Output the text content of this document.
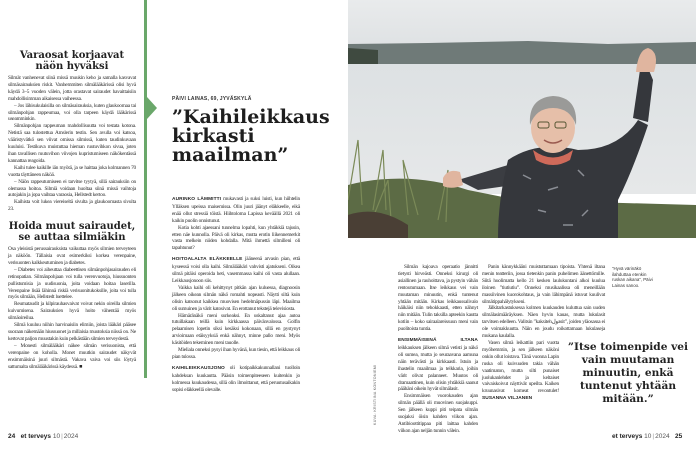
Varaosat korjaavat näön hyväksi

Silmät vanhenevat siinä missä muukin keho ja samalla kasvavat silmäsairauksien riskit. Vanhemmiten silmälääkärissä olisi hyvä käydä 3–5 vuoden välein, jotta orastavat sairaudet havaittaisiin mahdollisimman aikaisessa vaiheessa.

– Jos lähisukulaisilla on silmäsairauksia, kuten glaukoomaa tai silmänpohjan rappeumaa, voi olla tarpeen käydä lääkärissä useamminkin.

Silmänpohjan rappeuman mahdollisuutta voi testata kotona. Netistä saa tulostettua Amslerin testin. Sen avulla voi katsoa, vääristyvätkö sen viivat omissa silmissä, kuten taudinkuvaan kuuluisi. Testikuva muistuttaa hieman ruutuvihkon sivua, joten ihan tavallisen ruutuvihon viivojen kupristumiseen näkökentässä kannattaa reagoida.

Kaihi tulee kaikille iän myötä, ja se haittaa joka kolmannen 70 vuotta täyttäneen näköä.

– Näön rappeutumiseen ei tarvitse tyytyä, sillä sairauksiin on olemassa hoitoa. Silmiä voidaan huoltaa siinä missä vaihtoja autojakin ja jopa vaihtaa varaosia, Hellstedt kertoo.

Kaihista voit lukea viereiseltä sivulta ja glaukoomasta sivulta 23.

Hoida muut sairaudet, se auttaa silmiäkin

Osa yleisistä perussairauksista vaikuttaa myös silmien terveyteen ja näköön. Tällaisia ovat esimerkiksi korkea verenpaine, verisuonten kalkkeutuminen ja diabetes.

– Diabetes voi aiheuttaa diabeettisen silmänpohjasairauden eli retinopatian. Silmänpohjaan voi tulla verenvuotoja, hiussuonten pullistumisia ja uudisuonia, joita voidaan hoitaa laserilla. Verenpaine lisää lähinnä riskiä verisuonitukoksille, joita voi tulla myös silmään, Hellstedt luettelee.

Reumataudit ja kilpirauhasvaivat voivat nekin oireilla silmien kuivumisena. Sairauksien hyvä hoito vähentää myös silmäoireilua.

Silmä kuuluu niihin harvinaisiin elimiin, joista lääkäri pääsee suoraan näkemään hiussuonet ja millaisia muutoksia niissä on. Ne kertovat paljon muustakin kuin pelkästään silmien terveydestä.

– Monesti silmälääkäri näkee silmän verisuonista, että verenpaine on koholla. Monet muutkin sairaudet näkyvät ensimmäisinä juuri silmästä. Vakava vaiva voi siis löytyä sattumalta silmälääkärissä käydessä. ■

PÄIVI LAINAS, 69, JYVÄSKYLÄ
”Kaihileikkaus kirkasti maailman”

AURINKO LÄMMITTI mukavasti ja suksi luisti, kun hiihtelin Ylläksen upeissa maisemissa. Olin juuri jäänyt eläkkeelle, eikä enää ollut stressiä töistä. Hiihtoloma Lapissa keväällä 2021 oli kaikin puolin onnistunut.

Kotia kohti ajaessani tunnelma lopahti, kun yhtäkkiä tajusin, etten näe kunnolla. Päivä oli kirkas, mutta erotin liikennemerkit vasta melkein niiden kohdalla. Mitä ihmettä silmilleni oli tapahtunut?

HOITOALALTA ELÄKKEELLE jääneenä arvasin pian, että kyseessä voisi olla kaihi. Silmälääkäri vahvisti ajatukseni. Oikea silmä pitäisi operoida heti, vasemmassa kaihi oli vasta alullaan. Leikkausjonoon siis.

Vaikka kaihi oli kehittynyt pitkän ajan kuluessa, diagnoosin jälkeen oikean silmän näkö romahti nopeasti. Näytti siltä kuin olisin katsonut kaikkea muovisen hedelmäpussin läpi. Maailma oli sumuinen ja värit katosivat. En erottanut tekstejä televisiosta.

Hämäränäkö meni surkeaksi. En uskaltanut ajaa autoa tutuillakaan teillä kuin kirkkaassa päivänvalossa. Golfin pelaamisen lopetin siksi kesäksi kokonaan, sillä en pystynyt arvioimaan etäisyyksiä enkä nähnyt, minne pallo meni. Myös käsitöiden tekeminen meni tauolle.

Mieliala onneksi pysyi ihan hyvänä, kun tiesin, että leikkaus oli pian tulossa.

KAIHILEIKKAUSJONO oli kotipaikkakunnallani tuolloin kahdeksan kuukautta. Pääsin toimenpiteeseen kuitenkin jo kolmessa kuukaudessa, sillä olin ilmoittanut, että peruutusaikakin sopisi eläkkeellä olevalle.	KUVA: KRISTIINA KONTONIEMI

Silmän kajoava operaatio jännitti tietysti hirveästi. Onneksi kirurgi oli asiallinen ja rauhoittava, ja pystyin vähän rentoutumaan. Itse leikkaus vei vain muutaman minuutin, enkä tuntenut yhtään mitään. Kirkas leikkaussalivalo häikäisi niin tehokkaasti, etten nähnyt niin mitään. Tulin taksilla apteekin kautta kotiin – koko sairaalareissuun meni vain puolitoista tuntia.

ENSIMMÄISENÄ ILTANA leikkauksen jälkeen silmä vetisti ja näkö oli sumea, mutta jo seuraavana aamuna näin terävästi ja kirkkaasti. Istuin ja ihastelin maailmaa ja telkkaria, joihin värit olivat palanneet. Muutos oli dramaattinen, kuin olisin yhtäkkiä saanut päähäni oikein hyvät silmälasit.

Ensimmäisen vuorokauden ajan silmän päällä oli muovinen suojakuppi. Sen jälkeen kuppi piti teipata silmän suojaksi öisin kahden viikon ajan. Antibioottitippaa piti laittaa kahden viikon ajan neljän tunnin välein.

Panin kännykkääni muistuttamaan tipoista. Yhtenä iltana menin teatteriin, jossa tietenkin panin puhelimen äänettömille. Siitä huolimatta kello 21 kesken laulukuntani alkoi kuulua iloinen ”tiutiutiu”. Onneksi musikaalissa oli meneillään massiivinen kuorokohtaus, ja vain lähimpänä istuvat kuulivat silmätippahälytykseni.

Jälkitarkastuksessa kolmen kuukauden kuluttua sain uuden silmälasimääräyksen. Näen hyvin kauas, mutta lukulasit tarvitsen edelleen. Valitsin ”kaksitehولasit”, joiden yläosassa ei ole voimakkuutta. Näin en joudu roikottamaan lukulaseja mukana kaulalla.

Vasen silmä leikattiin pari vuotta myöhemmin, ja sen jälkeen näköni onkin ollut loistava. Tänä vuonna Lapin ruska oli kuivuuden takia vähän vaatimaton, mutta silti punaiset juolukanlehdet ja keltaiset vaivaiskoivut näyttivät upeilta. Kaiken kruunasivat komeat revontulet! SUSANNA VILJANEN

”Hyvä värinäkö ilahduttaa etenkin ruskan aikana”, Päivi Lainas sanoo.
”Itse toimenpide vei vain muutaman minuutin, enkä tuntenut yhtään mitään.”
24 et terveys 10|2024	et terveys 10|2024 25
